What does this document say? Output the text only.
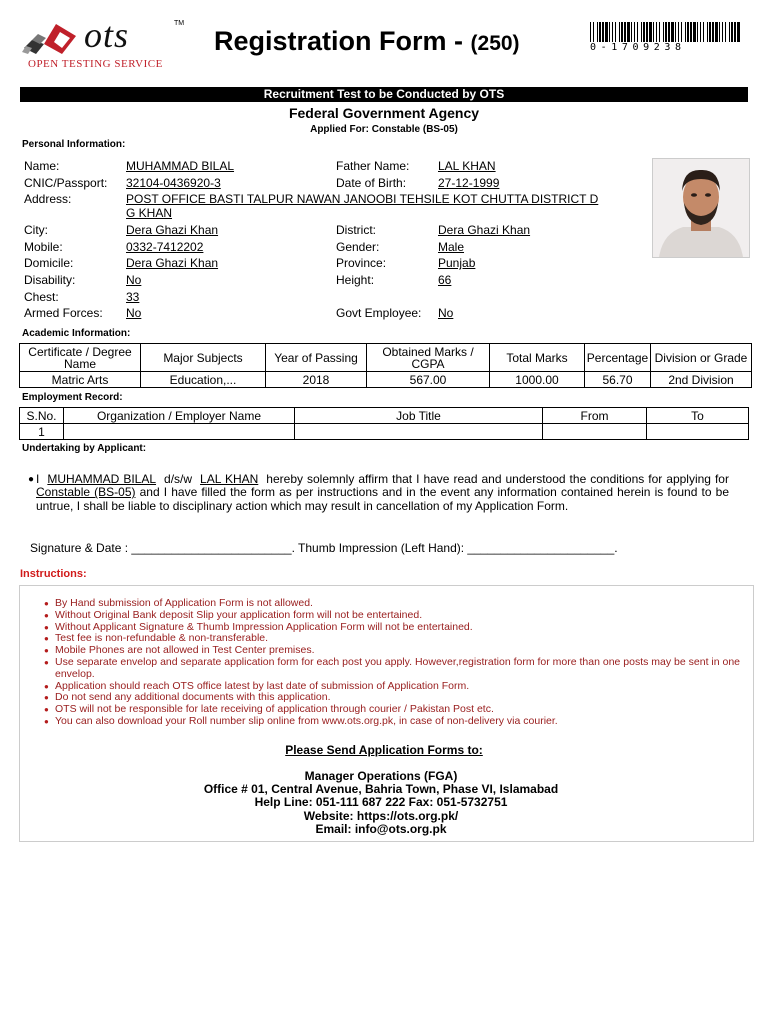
ots	TM
OPEN TESTING SERVICE
Registration Form - (250)	0-1709238
Recruitment Test to be Conducted by OTS
Federal Government Agency
Applied For: Constable (BS-05)
Personal Information:
Name:	MUHAMMAD BILAL	Father Name: LAL KHAN
CNIC/Passport: 32104-0436920-3	Date of Birth:	27-12-1999
Address:	POST OFFICE BASTI TALPUR NAWAN JANOOBI TEHSILE KOT CHUTTA DISTRICT D
G KHAN
City:	Dera Ghazi Khan	District:	Dera Ghazi Khan
Mobile:	0332-7412202	Gender:	Male
Domicile:	Dera Ghazi Khan	Province:	Punjab
Disability:	No	Height:	66
Chest:	33
Armed Forces: No	Govt Employee: No
Academic Information:
Certificate / Degree Name	Major Subjects	Year of Passing	Obtained Marks / CGPA	Total Marks	Percentage	Division or Grade
Matric Arts	Education,...	2018	567.00	1000.00	56.70	2nd Division
Employment Record:
S.No.	Organization / Employer Name	Job Title	From	To
1				
Undertaking by Applicant:
● I MUHAMMAD BILAL d/s/w LAL KHAN hereby solemnly affirm that I have read and understood the conditions for applying for Constable (BS-05) and I have filled the form as per instructions and in the event any information contained herein is found to be untrue, I shall be liable to disciplinary action which may result in cancellation of my Application Form.
Signature & Date : ________________________. Thumb Impression (Left Hand): ______________________.
Instructions:
● By Hand submission of Application Form is not allowed.
● Without Original Bank deposit Slip your application form will not be entertained.
● Without Applicant Signature & Thumb Impression Application Form will not be entertained.
● Test fee is non-refundable & non-transferable.
● Mobile Phones are not allowed in Test Center premises.
● Use separate envelop and separate application form for each post you apply. However,registration form for more than one posts may be sent in one envelop.
● Application should reach OTS office latest by last date of submission of Application Form.
● Do not send any additional documents with this application.
● OTS will not be responsible for late receiving of application through courier / Pakistan Post etc.
● You can also download your Roll number slip online from www.ots.org.pk, in case of non-delivery via courier.
Please Send Application Forms to:
Manager Operations (FGA)
Office # 01, Central Avenue, Bahria Town, Phase VI, Islamabad
Help Line: 051-111 687 222 Fax: 051-5732751
Website: https://ots.org.pk/
Email: info@ots.org.pk
